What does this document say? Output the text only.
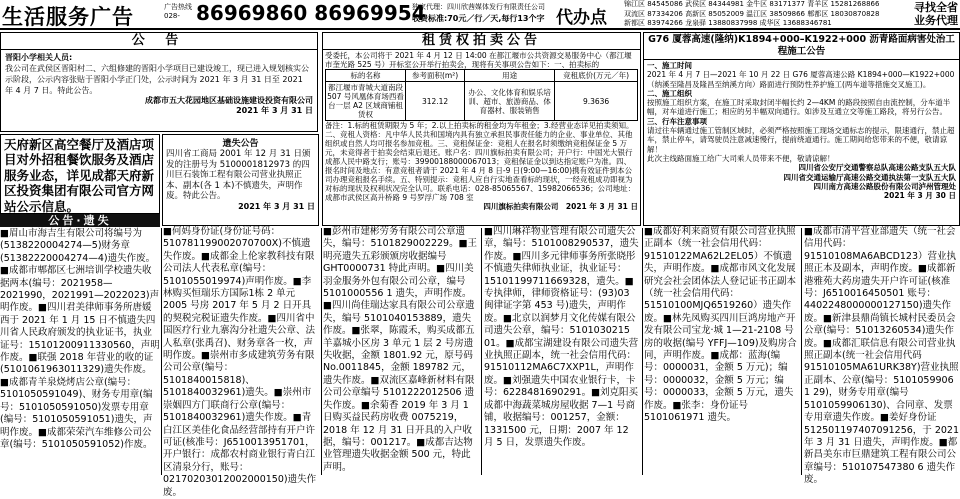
生活服务广告	广告热线 028- 86969860 86969954
独家代理：四川欣茜媒体发行有限责任公司
收费标准:70元／行／天,每行13个字 代办点
锦江区 84545086 武侯区 84344981 金牛区 83171377 青羊区 15281268866
双流区 87334206 高新区 85052009 温江区 38509866 郫都区 18030870828
新都区 83974266 龙泉驿 13880837998 成华区 13688346781
寻找全省
业务代理
公 告
晋阳小学相关人员:
我公司在武侯区晋阳村二、六组修建的晋阳小学项目已建设竣工，现已进入规划核实公示阶段，公示内容张贴于晋阳小学正门处，公示时间为 2021 年 3 月 31 日至 2021 年 4 月 7 日。特此公告。
成都市五大花园地区基础设施建设投资有限公司
2021 年 3 月 31 日
天府新区高空餐厅及酒店项目对外招租餐饮服务及酒店服务业态，详见成都天府新区投资集团有限公司官方网站公示信息。
公告·遗失
遗失公告
四川省工商局 2001 年 12 月 31 日颁发的注册号为 5100001812973 的四川巨石装饰工程有限公司营业执照正本、副本(各 1 本)不慎遗失，声明作废。特此公告。
2021 年 3 月 31 日
租赁权拍卖公告
受委托，本公司将于 2021 年 4 月 12 日 14:00 在都江堰市公共资源交易服务中心（都江堰市奎光路 525 号）开标室公开举行拍卖会，现将有关事项公告如下：一、拍卖标的
标的名称	参考面积(m²)	用途	竞租底价(万元／年)
都江堰市青城大道南段 507 号风凰体育场西看台一层 A2 区域商铺租赁权	312.12	办公、文化体育和娱乐培训、超市、旅游商品、体育器材、服装销售	9.3636
备注：1.标的租赁期限为 5 年；2.以上拍卖标的租金均为年租金；3.经营业态详见拍卖须知。
二、竞租人资格：凡中华人民共和国境内具有独立承担民事责任能力的企业、事业单位、其他组织或自然人均可报名参加竞租。三、竞租保证金：竞租人在报名时须缴纳竞租保证金 5 万元，未竞得者于拍卖会结束后退还。账户名：四川旗标拍卖有限公司；开户行：中国光大银行成都人民中路支行；账号：39900188000067013；竞租保证金以到达指定账户为准。四、报名时间及地点：有意竞租者请于 2021 年 4 月 8 日-9 日(9:00—16:00)携有效证件到本公司办理竞租报名手续。五、特别提示：竞租人应自行实地查看标的现状，一经竞租成功即视为对标的现状及权利状况完全认可。联系电话：028-85065567、15982066536；公司地址：成都市武侯区高升桥路 9 号罗浮广场 708 室
四川旗标拍卖有限公司　 2021 年 3 月 31 日
G76 厦蓉高速(隆纳)K1894+000–K1922+000 沥青路面病害处治工程施工公告
一、施工时间
2021 年 4 月 7 日—2021 年 10 月 22 日 G76 厦蓉高速公路 K1894+000—K1922+000（纳溪至隆昌及隆昌至纳溪方向）路面进行预防性养护施工(两车道等措施交叉施工)。
二、施工组织
按照施工组织方案，在施工时采取封闭半幅长约 2—4KM 的路段按照自由流控制，分车道半幅，对车道进行施工；相应的另半幅双向通行。如涉及互通立交等施工路段，将另行公告。
三、行车注意事项
请过往车辆通过施工管制区域时，必须严格按照施工现场交通标志的提示，限速通行，禁止超车，禁止停车，请驾驶员注意减速慢行，提前绕道通行。施工期间给您带来的不便，敬请谅解！
此次主线路面施工给广大司乘人员带来不便，敬请谅解！
四川省公安厅交通警察总队高速公路支队五大队
四川省交通运输厅高速公路交通执法第一支队五大队
四川南方高速公路股份有限公司泸州管理处
2021 年 3 月 30 日
■眉山市海吉生有限公司将编号为(5138220004274—5)财务章(51382220004274—4)遗失作废。■成都市郫都区七洲培训学校遗失收据两本(编号：2021958—2021990，2021991—2022023)声明作废。■四川君美律师事务所唐媛西于 2021 年 1 月 15 日不慎遗失四川省人民政府颁发的执业证书，执业证号：15101200911330560，声明作废。■联强 2018 年营业的收的证(5101061963011329)遗失作废。■成都青羊泉烧烤店公章(编号：5101050591049)、财务专用章(编号：5101050591050)发票专用章(编号：5101050591051)遗失，声明作废。■成都荣荣汽车维修公司公章(编号：5101050591052)作废。
■何妈身份证(身份证号码：510781199002070700X)不慎遗失作废。■成都金上伦家教科技有限公司法人代表私章(编号：5101055019974)声明作废。■李林购买恒瑞乐方国际1栋 2 单元 2005 号房 2017 年 5 月 2 日开具的契税完税证遗失作废。■四川省中国医疗行业九寨沟分社遗失公章、法人私章(张禹召)、财务章各一枚，声明作废。■崇州市多成建筑劳务有限公司公章(编号：5101840015818)、5101840032961)遗失。■崇州市崇姻四方门联商行公章(编号：5101840032961)遗失作废。■青白江区美佳化食品经营部持有开户许可证(核准号：J6510013951701，开户银行：成都农村商业银行青白江区清泉分行，账号：02170203012002000150)遗失作废。
■彭州市建彬劳务有限公司公章遗失，编号：5101829002229。■王明亮遗失五彩颁颁房收据编号 GHT0000731 特此声明。■四川美羽金服务外包有限公司公章，编号 5101000556 1 遗失，声明作废。■四川尚佳瑞达家具有限公司公章遗失，编号 5101040153889，遗失作废。■张翠，陈霞禾，购买成都五羊嘉城小区房 3 单元 1 层 2 号房遗失收据，金额 1801.92 元，原号码 No.0011845，金额 189782 元，遗失作废。■双流区嘉峰新材料有限公司公章编号 5101222012506 遗失作废。■余菊香 2019 年 3 月 1 日购买益民药房收费 0075219，2018 年 12 月 31 日开具的入户收据，编号：001217。■成都吉达物业管理遗失收据金额 500 元，特此声明。
■四川琳祥物业管理有限公司遗失公章，编号：5101008290537，遗失作废。■四川多元律师事务所张晓彤不慎遗失律师执业证，执业证号：15101199711669328，遗失。■专执律师，律师资格证号：(93)03 闽律证字第 453 号)遗失，声明作废。■北京以润梦月文化传媒有限公司遗失公章，编号：5101030215 01。■成都宝湖建设有限公司遗失营业执照正副本，统一社会信用代码：91510112MA6C7XXP1L，声明作废。■刘强遗失中国农业银行卡，卡号：6228481690291。■刘克阳买成都中海蔬菜城房屋收据 7—1 号商铺，收据编号：001257，金额：1331500 元，日期：2007 年 12 月 5 日，发票遗失作废。
■成都好利来商贸有限公司营业执照正副本（统一社会信用代码：91510122MA62L2EL05）不慎遗失，声明作废。■成都市风文化发展研究会社会团体法人登记证书正副本（统一社会信用代码：51510100MJQ6519260）遗失作废。■林先凤购买四川巨鸿房地产开发有限公司宝龙·城 1—21-2108 号房的收据(编号 YFFJ—109)及购房合同，声明作废。■成都：蓝海(编号：0000031，金额 5 万元)；编号：0000032，金额 5 万元；编号：0000033，金额 5 万元，遗失作废。■张李：身份证号 5101061971 遗失。
■成都市清平营业部遗失（统一社会信用代码：91510108MA6ABCD123）营业执照正本及副本，声明作废。■成都新港雅苑大药房遗失开户许可证(核准号：J6510016450501 账号：4402248000000127150)遗失作废。■新津县鼎尚镇长城村民委员会公章(编号：51013260534)遗失作废。■成都汇联信息有限公司营业执照正副本(统一社会信用代码 91510105MA61URK38Y)营业执照正副本、公章(编号：5101059906 1 29)，财务专用章(编号 5101059906130)、合同章、发票专用章遗失作废。■姜好身份证 512501197407091256，于 2021 年 3 月 31 日遗失，声明作废。■都新昌美东市巨鼎建筑工程有限公司公章编号：510107547380 6 遗失作废。
